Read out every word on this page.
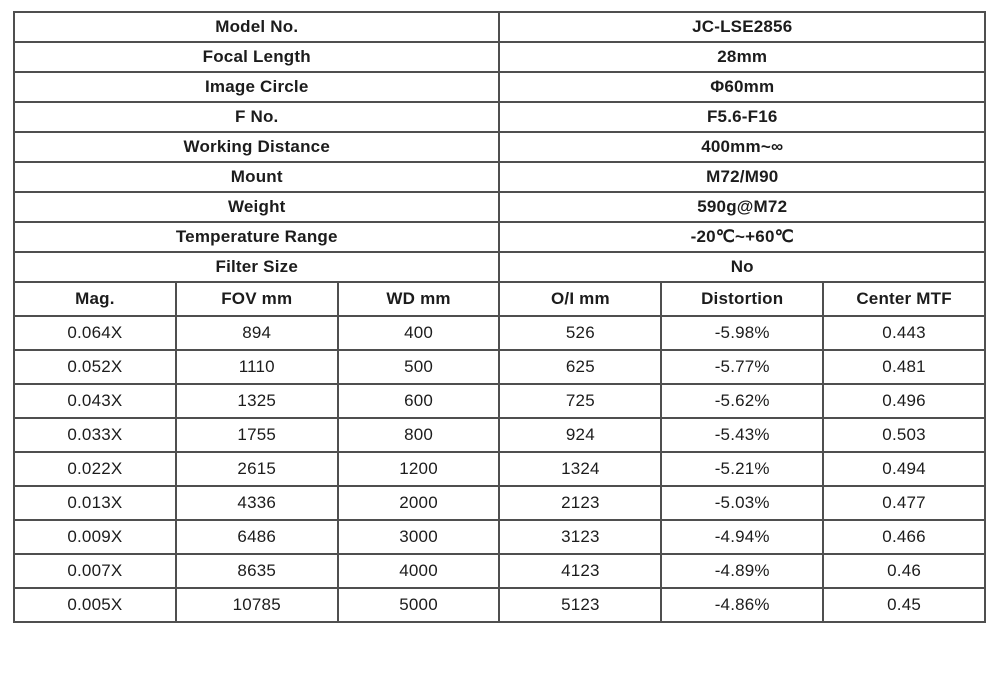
Model No.			JC-LSE2856		
Focal Length			28mm		
Image Circle			Φ60mm		
F No.			F5.6-F16		
Working Distance			400mm~∞		
Mount			M72/M90		
Weight			590g@M72		
Temperature Range			-20℃~+60℃		
Filter Size			No		
Mag.	FOV mm	WD mm	O/I mm	Distortion	Center MTF
0.064X	894	400	526	-5.98%	0.443
0.052X	1110	500	625	-5.77%	0.481
0.043X	1325	600	725	-5.62%	0.496
0.033X	1755	800	924	-5.43%	0.503
0.022X	2615	1200	1324	-5.21%	0.494
0.013X	4336	2000	2123	-5.03%	0.477
0.009X	6486	3000	3123	-4.94%	0.466
0.007X	8635	4000	4123	-4.89%	0.46
0.005X	10785	5000	5123	-4.86%	0.45
